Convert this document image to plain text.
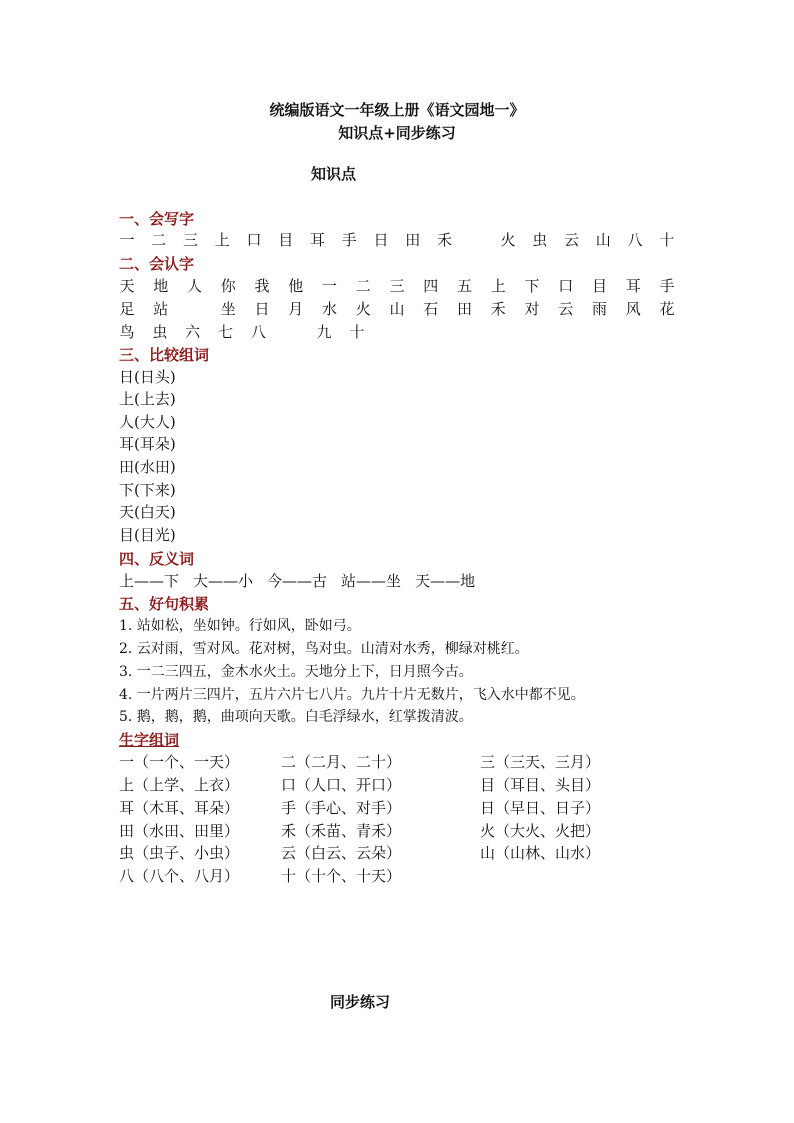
统编版语文一年级上册《语文园地一》
知识点+同步练习
知识点
一、会写字
一 二 三 上 口 目 耳 手 日 田 禾	火 虫 云 山 八 十
二、会认字
天 地 人 你 我 他 一 二 三 四 五 上 下 口 目 耳 手
足 站	坐 日 月 水 火 山 石 田 禾 对 云 雨 风 花
鸟 虫 六 七 八	九 十
三、比较组词
日(日头)
上(上去)
人(大人)
耳(耳朵)
田(水田)
下(下来)
天(白天)
目(目光)
四、反义词
上——下 大——小 今——古 站——坐 天——地
五、好句积累
1. 站如松，坐如钟。行如风，卧如弓。
2. 云对雨，雪对风。花对树，鸟对虫。山清对水秀，柳绿对桃红。
3. 一二三四五，金木水火土。天地分上下，日月照今古。
4. 一片两片三四片，五片六片七八片。九片十片无数片，飞入水中都不见。
5. 鹅，鹅，鹅，曲项向天歌。白毛浮绿水，红掌拨清波。
生字组词
一（一个、一天）	二（二月、二十）	三（三天、三月）
上（上学、上衣）	口（人口、开口）	目（耳目、头目）
耳（木耳、耳朵）	手（手心、对手）	日（早日、日子）
田（水田、田里）	禾（禾苗、青禾）	火（大火、火把）
虫（虫子、小虫）	云（白云、云朵）	山（山林、山水）
八（八个、八月）	十（十个、十天）
同步练习
